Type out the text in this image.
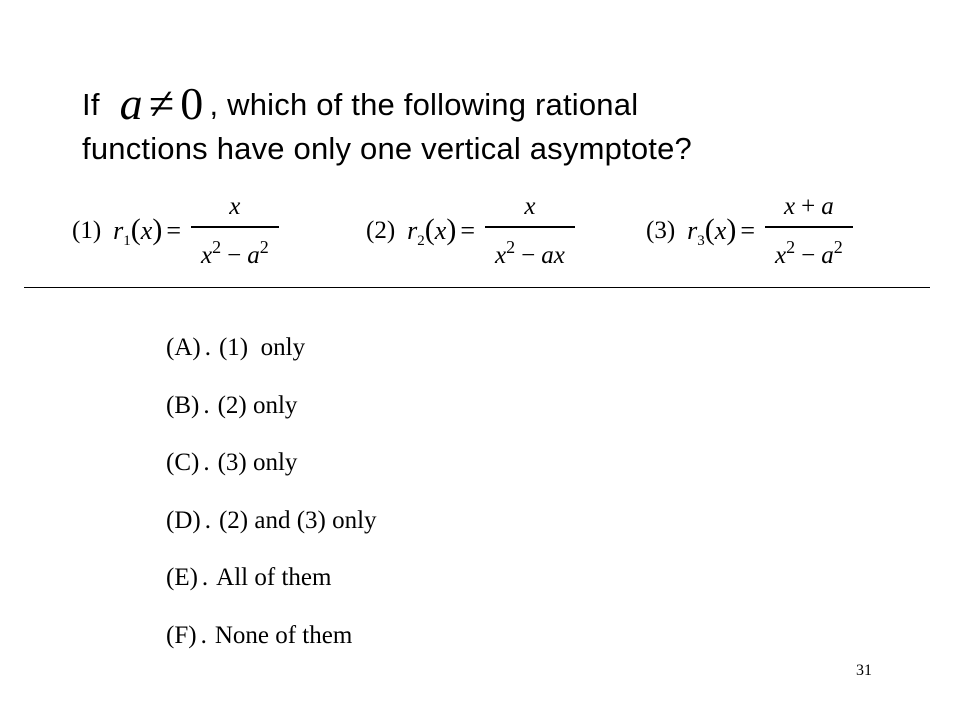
If a ≠ 0 , which of the following rational
functions have only one vertical asymptote?
(1) $r_1(x) = \frac{x}{x^2 - a^2}$	(2) $r_2(x) = \frac{x}{x^2 - ax}$	(3) $r_3(x) = \frac{x + a}{x^2 - a^2}$
(A) . (1)  only
(B) . (2) only
(C) . (3) only
(D) . (2) and (3) only
(E) . All of them
(F) . None of them
31
